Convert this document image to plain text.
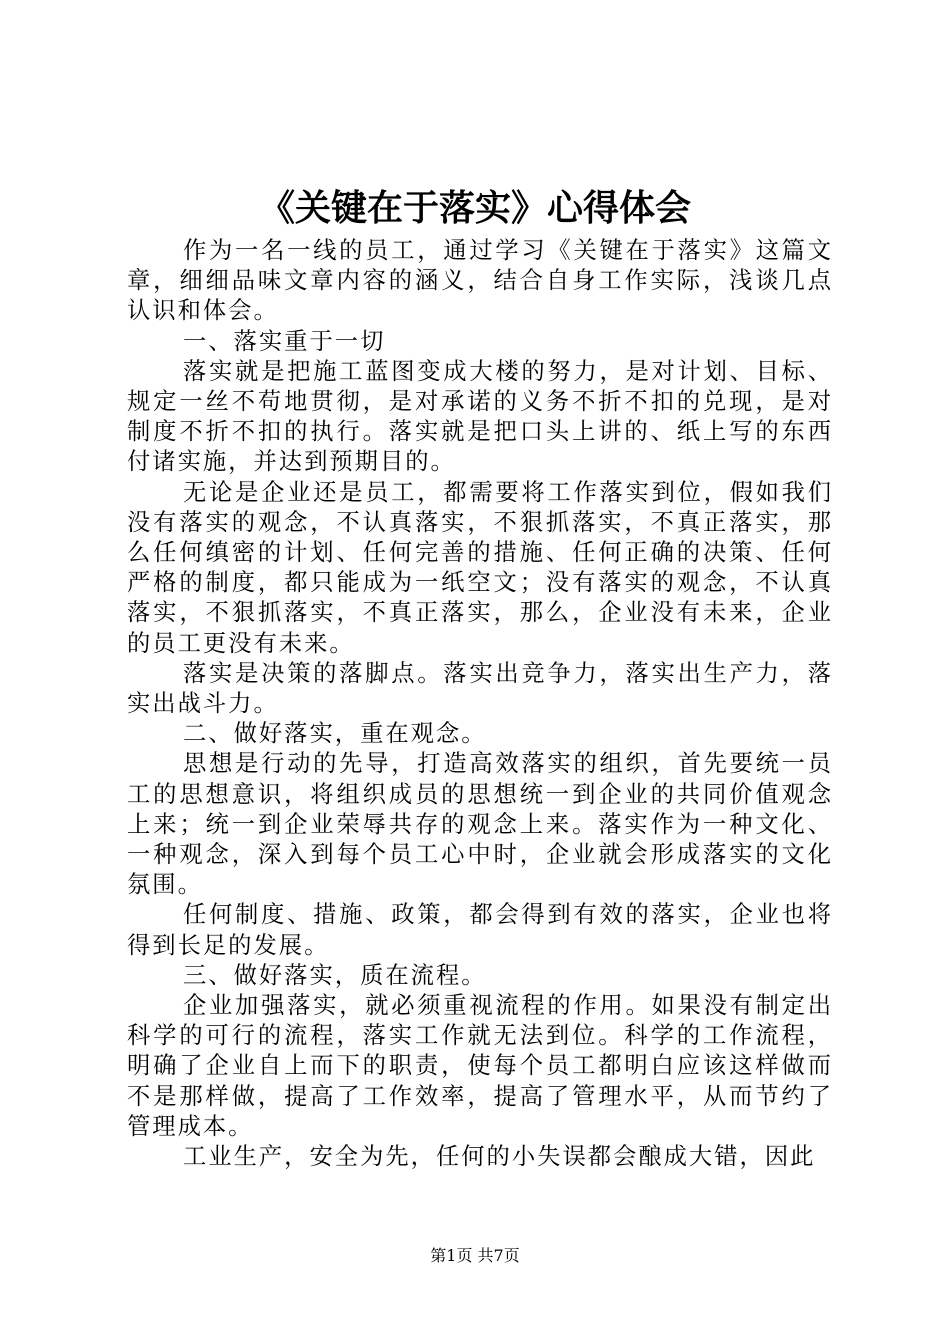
《关键在于落实》心得体会

作为一名一线的员工，通过学习《关键在于落实》这篇文章，细细品味文章内容的涵义，结合自身工作实际，浅谈几点认识和体会。

一、落实重于一切

落实就是把施工蓝图变成大楼的努力，是对计划、目标、规定一丝不苟地贯彻，是对承诺的义务不折不扣的兑现，是对制度不折不扣的执行。落实就是把口头上讲的、纸上写的东西付诸实施，并达到预期目的。

无论是企业还是员工，都需要将工作落实到位，假如我们没有落实的观念，不认真落实，不狠抓落实，不真正落实，那么任何缜密的计划、任何完善的措施、任何正确的决策、任何严格的制度，都只能成为一纸空文；没有落实的观念，不认真落实，不狠抓落实，不真正落实，那么，企业没有未来，企业的员工更没有未来。

落实是决策的落脚点。落实出竞争力，落实出生产力，落实出战斗力。

二、做好落实，重在观念。

思想是行动的先导，打造高效落实的组织，首先要统一员工的思想意识，将组织成员的思想统一到企业的共同价值观念上来；统一到企业荣辱共存的观念上来。落实作为一种文化、一种观念，深入到每个员工心中时，企业就会形成落实的文化氛围。

任何制度、措施、政策，都会得到有效的落实，企业也将得到长足的发展。

三、做好落实，质在流程。

企业加强落实，就必须重视流程的作用。如果没有制定出科学的可行的流程，落实工作就无法到位。科学的工作流程，明确了企业自上而下的职责，使每个员工都明白应该这样做而不是那样做，提高了工作效率，提高了管理水平，从而节约了管理成本。

工业生产，安全为先，任何的小失误都会酿成大错，因此

第1页 共7页
